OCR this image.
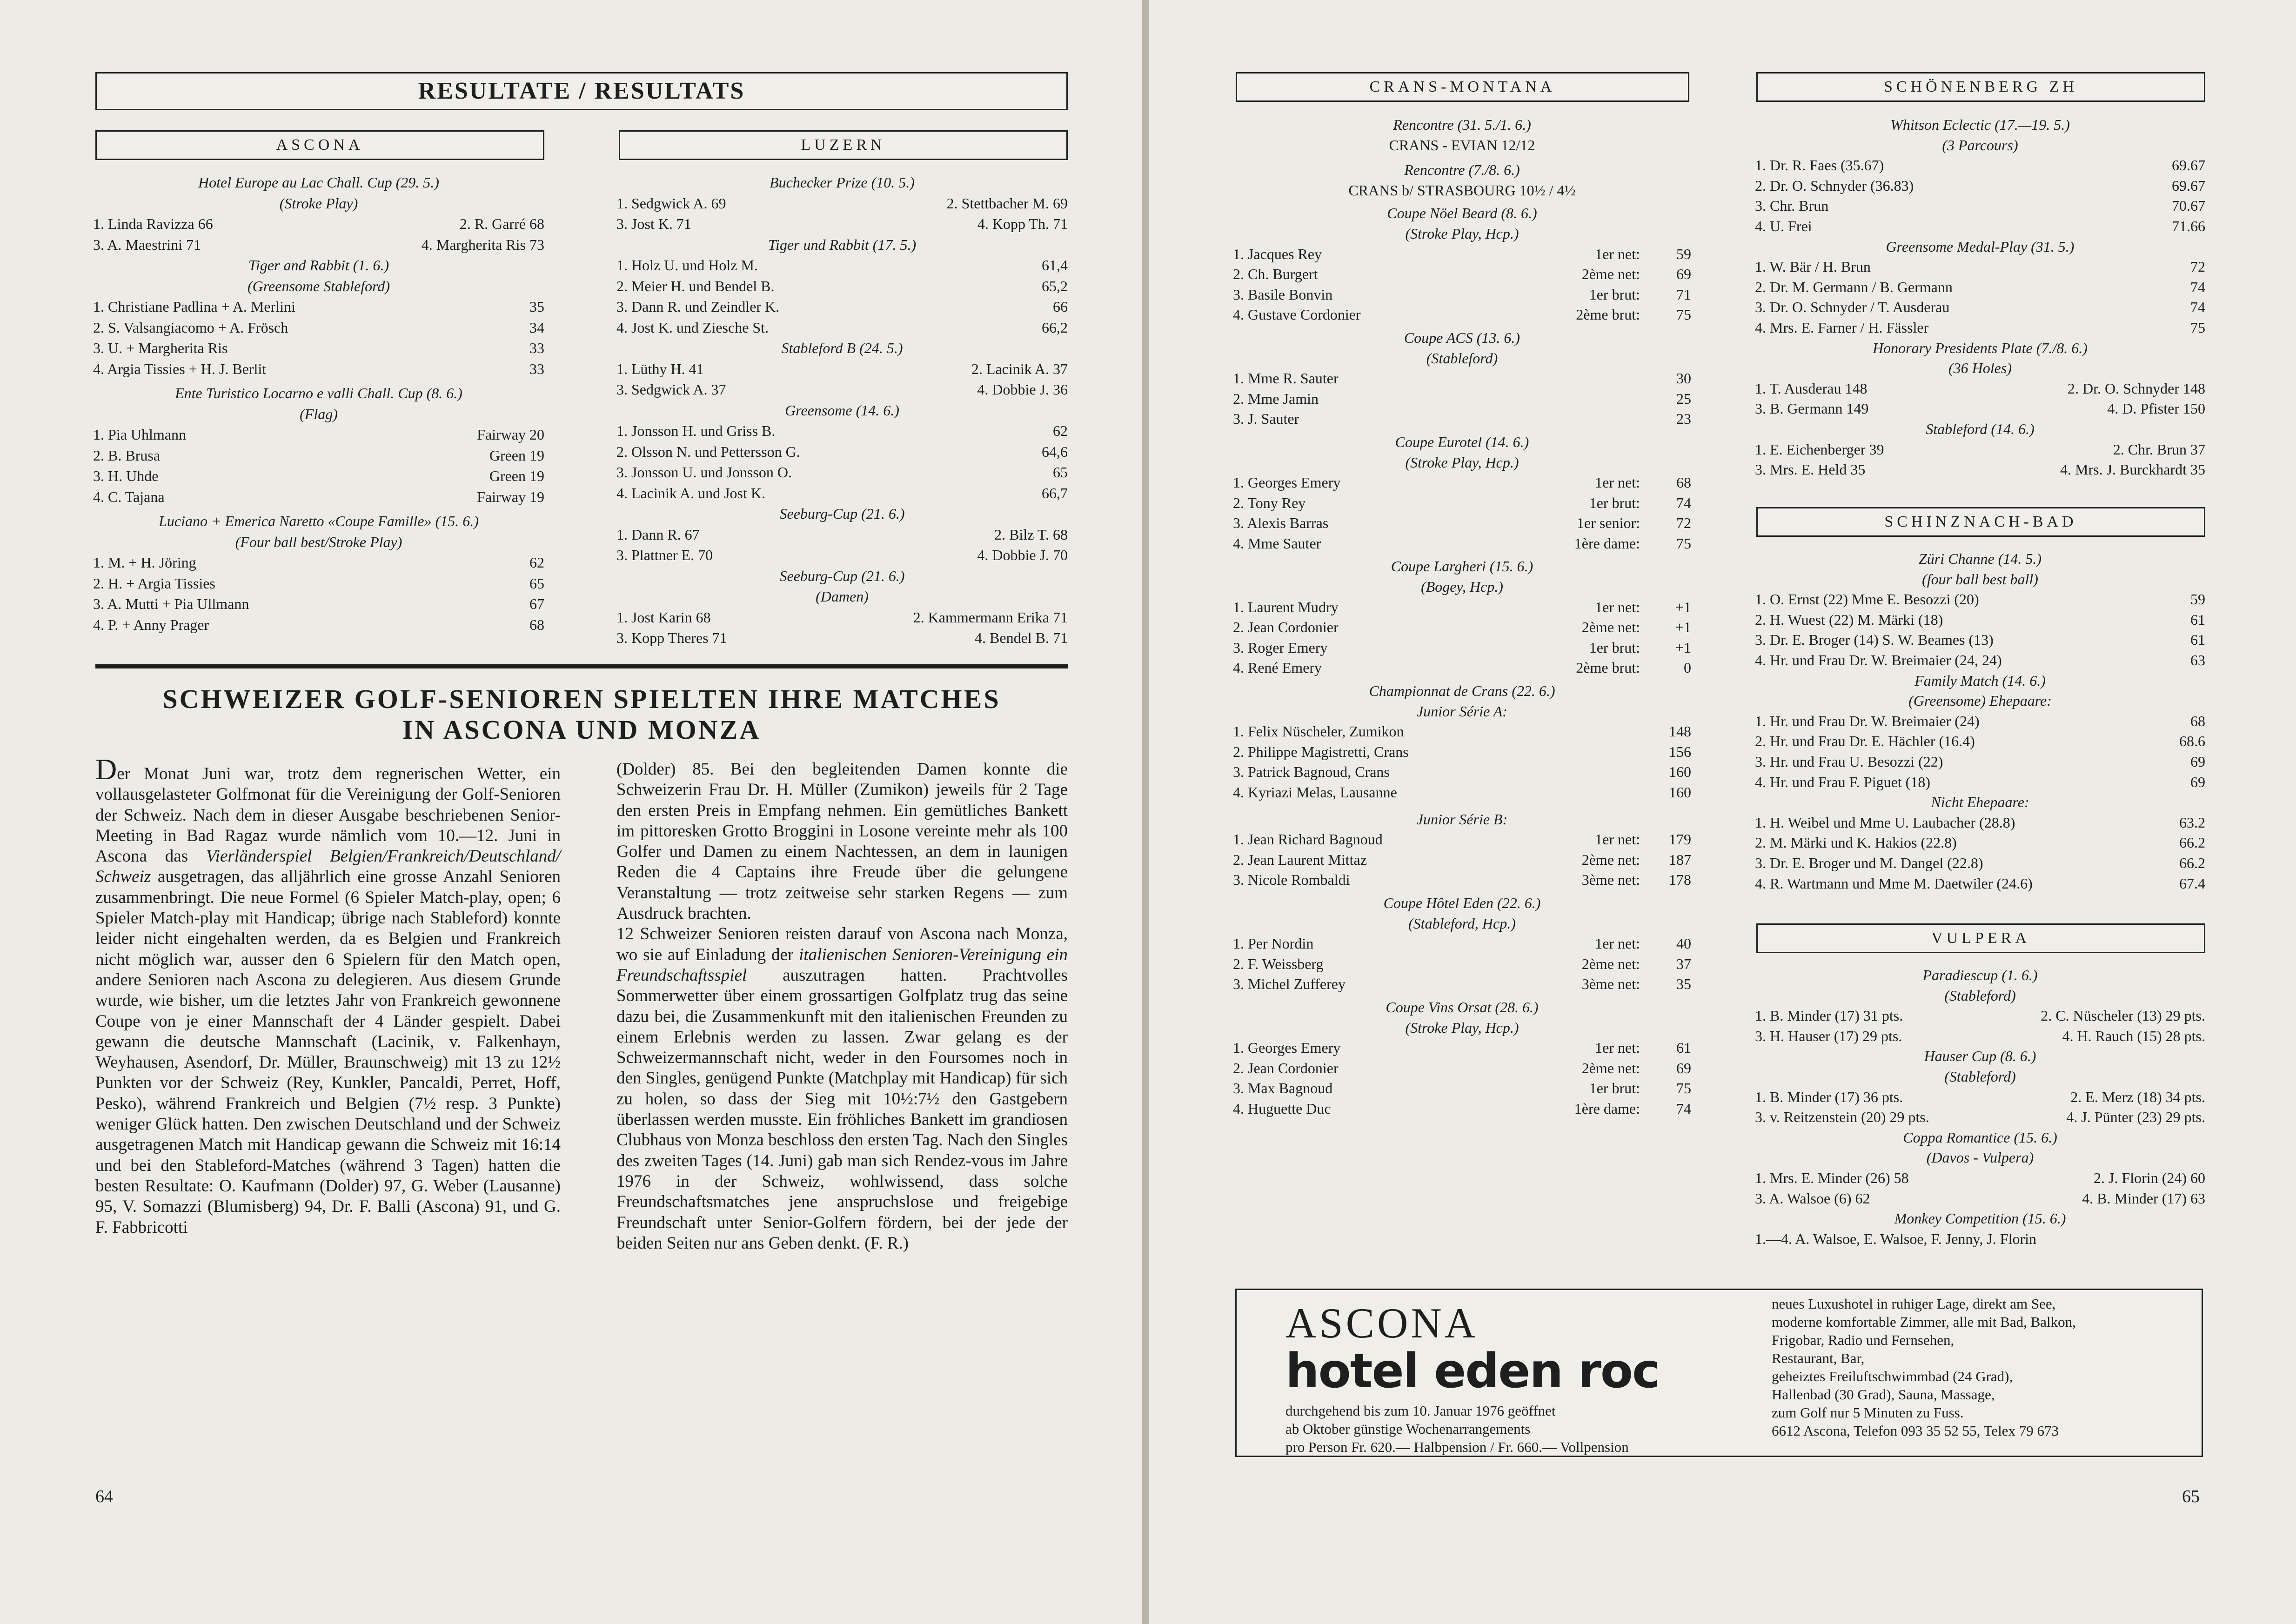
RESULTATE / RESULTATS
ASCONA
Hotel Europe au Lac Chall. Cup (29. 5.)
(Stroke Play)
1. Linda Ravizza 66	2. R. Garré 68
3. A. Maestrini 71	4. Margherita Ris 73
Tiger and Rabbit (1. 6.)
(Greensome Stableford)
1. Christiane Padlina + A. Merlini	35
2. S. Valsangiacomo + A. Frösch	34
3. U. + Margherita Ris	33
4. Argia Tissies + H. J. Berlit	33
Ente Turistico Locarno e valli Chall. Cup (8. 6.)
(Flag)
1. Pia Uhlmann	Fairway 20
2. B. Brusa	Green 19
3. H. Uhde	Green 19
4. C. Tajana	Fairway 19
Luciano + Emerica Naretto «Coupe Famille» (15. 6.)
(Four ball best/Stroke Play)
1. M. + H. Jöring	62
2. H. + Argia Tissies	65
3. A. Mutti + Pia Ullmann	67
4. P. + Anny Prager	68
LUZERN
Buchecker Prize (10. 5.)
1. Sedgwick A. 69	2. Stettbacher M. 69
3. Jost K. 71	4. Kopp Th. 71
Tiger und Rabbit (17. 5.)
1. Holz U. und Holz M.	61,4
2. Meier H. und Bendel B.	65,2
3. Dann R. und Zeindler K.	66
4. Jost K. und Ziesche St.	66,2
Stableford B (24. 5.)
1. Lüthy H. 41	2. Lacinik A. 37
3. Sedgwick A. 37	4. Dobbie J. 36
Greensome (14. 6.)
1. Jonsson H. und Griss B.	62
2. Olsson N. und Pettersson G.	64,6
3. Jonsson U. und Jonsson O.	65
4. Lacinik A. und Jost K.	66,7
Seeburg-Cup (21. 6.)
1. Dann R. 67	2. Bilz T. 68
3. Plattner E. 70	4. Dobbie J. 70
Seeburg-Cup (21. 6.)
(Damen)
1. Jost Karin 68	2. Kammermann Erika 71
3. Kopp Theres 71	4. Bendel B. 71
SCHWEIZER GOLF-SENIOREN SPIELTEN IHRE MATCHES
IN ASCONA UND MONZA

Der Monat Juni war, trotz dem regnerischen Wetter, ein vollausgelasteter Golfmonat für die Vereinigung der Golf-Senioren der Schweiz. Nach dem in dieser Ausgabe beschriebenen Senior-Meeting in Bad Ragaz wurde nämlich vom 10.—12. Juni in Ascona das Vierländerspiel Belgien/Frankreich/Deutschland/ Schweiz ausgetragen, das alljährlich eine grosse Anzahl Senioren zusammenbringt. Die neue Formel (6 Spieler Match-play, open; 6 Spieler Match-play mit Handicap; übrige nach Stableford) konnte leider nicht eingehalten werden, da es Belgien und Frankreich nicht möglich war, ausser den 6 Spielern für den Match open, andere Senioren nach Ascona zu delegieren. Aus diesem Grunde wurde, wie bisher, um die letztes Jahr von Frankreich gewonnene Coupe von je einer Mannschaft der 4 Länder gespielt. Dabei gewann die deutsche Mannschaft (Lacinik, v. Falkenhayn, Weyhausen, Asendorf, Dr. Müller, Braunschweig) mit 13 zu 12½ Punkten vor der Schweiz (Rey, Kunkler, Pancaldi, Perret, Hoff, Pesko), während Frankreich und Belgien (7½ resp. 3 Punkte) weniger Glück hatten. Den zwischen Deutschland und der Schweiz ausgetragenen Match mit Handicap gewann die Schweiz mit 16:14 und bei den Stableford-Matches (während 3 Tagen) hatten die besten Resultate: O. Kaufmann (Dolder) 97, G. Weber (Lausanne) 95, V. Somazzi (Blumisberg) 94, Dr. F. Balli (Ascona) 91, und G. F. Fabbricotti

(Dolder) 85. Bei den begleitenden Damen konnte die Schweizerin Frau Dr. H. Müller (Zumikon) jeweils für 2 Tage den ersten Preis in Empfang nehmen. Ein gemütliches Bankett im pittoresken Grotto Broggini in Losone vereinte mehr als 100 Golfer und Damen zu einem Nachtessen, an dem in launigen Reden die 4 Captains ihre Freude über die gelungene Veranstaltung — trotz zeitweise sehr starken Regens — zum Ausdruck brachten.

12 Schweizer Senioren reisten darauf von Ascona nach Monza, wo sie auf Einladung der italienischen Senioren-Vereinigung ein Freundschaftsspiel auszutragen hatten. Prachtvolles Sommerwetter über einem grossartigen Golfplatz trug das seine dazu bei, die Zusammenkunft mit den italienischen Freunden zu einem Erlebnis werden zu lassen. Zwar gelang es der Schweizermannschaft nicht, weder in den Foursomes noch in den Singles, genügend Punkte (Matchplay mit Handicap) für sich zu holen, so dass der Sieg mit 10½:7½ den Gastgebern überlassen werden musste. Ein fröhliches Bankett im grandiosen Clubhaus von Monza beschloss den ersten Tag. Nach den Singles des zweiten Tages (14. Juni) gab man sich Rendez-vous im Jahre 1976 in der Schweiz, wohlwissend, dass solche Freundschaftsmatches jene anspruchslose und freigebige Freundschaft unter Senior-Golfern fördern, bei der jede der beiden Seiten nur ans Geben denkt. (F. R.)

64
CRANS-MONTANA
Rencontre (31. 5./1. 6.)
CRANS - EVIAN 12/12
Rencontre (7./8. 6.)
CRANS b/ STRASBOURG 10½ / 4½
Coupe Nöel Beard (8. 6.)
(Stroke Play, Hcp.)
1. Jacques Rey	1er net:	59
2. Ch. Burgert	2ème net:	69
3. Basile Bonvin	1er brut:	71
4. Gustave Cordonier	2ème brut:	75
Coupe ACS (13. 6.)
(Stableford)
1. Mme R. Sauter	30
2. Mme Jamin	25
3. J. Sauter	23
Coupe Eurotel (14. 6.)
(Stroke Play, Hcp.)
1. Georges Emery	1er net:	68
2. Tony Rey	1er brut:	74
3. Alexis Barras	1er senior:	72
4. Mme Sauter	1ère dame:	75
Coupe Largheri (15. 6.)
(Bogey, Hcp.)
1. Laurent Mudry	1er net:	+1
2. Jean Cordonier	2ème net:	+1
3. Roger Emery	1er brut:	+1
4. René Emery	2ème brut:	0
Championnat de Crans (22. 6.)
Junior Série A:
1. Felix Nüscheler, Zumikon	148
2. Philippe Magistretti, Crans	156
3. Patrick Bagnoud, Crans	160
4. Kyriazi Melas, Lausanne	160
Junior Série B:
1. Jean Richard Bagnoud	1er net:	179
2. Jean Laurent Mittaz	2ème net:	187
3. Nicole Rombaldi	3ème net:	178
Coupe Hôtel Eden (22. 6.)
(Stableford, Hcp.)
1. Per Nordin	1er net:	40
2. F. Weissberg	2ème net:	37
3. Michel Zufferey	3ème net:	35
Coupe Vins Orsat (28. 6.)
(Stroke Play, Hcp.)
1. Georges Emery	1er net:	61
2. Jean Cordonier	2ème net:	69
3. Max Bagnoud	1er brut:	75
4. Huguette Duc	1ère dame:	74
SCHÖNENBERG ZH
Whitson Eclectic (17.—19. 5.)
(3 Parcours)
1. Dr. R. Faes (35.67)	69.67
2. Dr. O. Schnyder (36.83)	69.67
3. Chr. Brun	70.67
4. U. Frei	71.66
Greensome Medal-Play (31. 5.)
1. W. Bär / H. Brun	72
2. Dr. M. Germann / B. Germann	74
3. Dr. O. Schnyder / T. Ausderau	74
4. Mrs. E. Farner / H. Fässler	75
Honorary Presidents Plate (7./8. 6.)
(36 Holes)
1. T. Ausderau 148	2. Dr. O. Schnyder 148
3. B. Germann 149	4. D. Pfister 150
Stableford (14. 6.)
1. E. Eichenberger 39	2. Chr. Brun 37
3. Mrs. E. Held 35	4. Mrs. J. Burckhardt 35
SCHINZNACH-BAD
Züri Channe (14. 5.)
(four ball best ball)
1. O. Ernst (22) Mme E. Besozzi (20)	59
2. H. Wuest (22) M. Märki (18)	61
3. Dr. E. Broger (14) S. W. Beames (13)	61
4. Hr. und Frau Dr. W. Breimaier (24, 24)	63
Family Match (14. 6.)
(Greensome) Ehepaare:
1. Hr. und Frau Dr. W. Breimaier (24)	68
2. Hr. und Frau Dr. E. Hächler (16.4)	68.6
3. Hr. und Frau U. Besozzi (22)	69
4. Hr. und Frau F. Piguet (18)	69
Nicht Ehepaare:
1. H. Weibel und Mme U. Laubacher (28.8)	63.2
2. M. Märki und K. Hakios (22.8)	66.2
3. Dr. E. Broger und M. Dangel (22.8)	66.2
4. R. Wartmann und Mme M. Daetwiler (24.6)	67.4
VULPERA
Paradiescup (1. 6.)
(Stableford)
1. B. Minder (17) 31 pts.	2. C. Nüscheler (13) 29 pts.
3. H. Hauser (17) 29 pts.	4. H. Rauch (15) 28 pts.
Hauser Cup (8. 6.)
(Stableford)
1. B. Minder (17) 36 pts.	2. E. Merz (18) 34 pts.
3. v. Reitzenstein (20) 29 pts.	4. J. Pünter (23) 29 pts.
Coppa Romantice (15. 6.)
(Davos - Vulpera)
1. Mrs. E. Minder (26) 58	2. J. Florin (24) 60
3. A. Walsoe (6) 62	4. B. Minder (17) 63
Monkey Competition (15. 6.)
1.—4. A. Walsoe, E. Walsoe, F. Jenny, J. Florin
ASCONA
hotel eden roc
durchgehend bis zum 10. Januar 1976 geöffnet
ab Oktober günstige Wochenarrangements
pro Person Fr. 620.— Halbpension / Fr. 660.— Vollpension
neues Luxushotel in ruhiger Lage, direkt am See,
moderne komfortable Zimmer, alle mit Bad, Balkon,
Frigobar, Radio und Fernsehen,
Restaurant, Bar,
geheiztes Freiluftschwimmbad (24 Grad),
Hallenbad (30 Grad), Sauna, Massage,
zum Golf nur 5 Minuten zu Fuss.
6612 Ascona, Telefon 093 35 52 55, Telex 79 673
65
